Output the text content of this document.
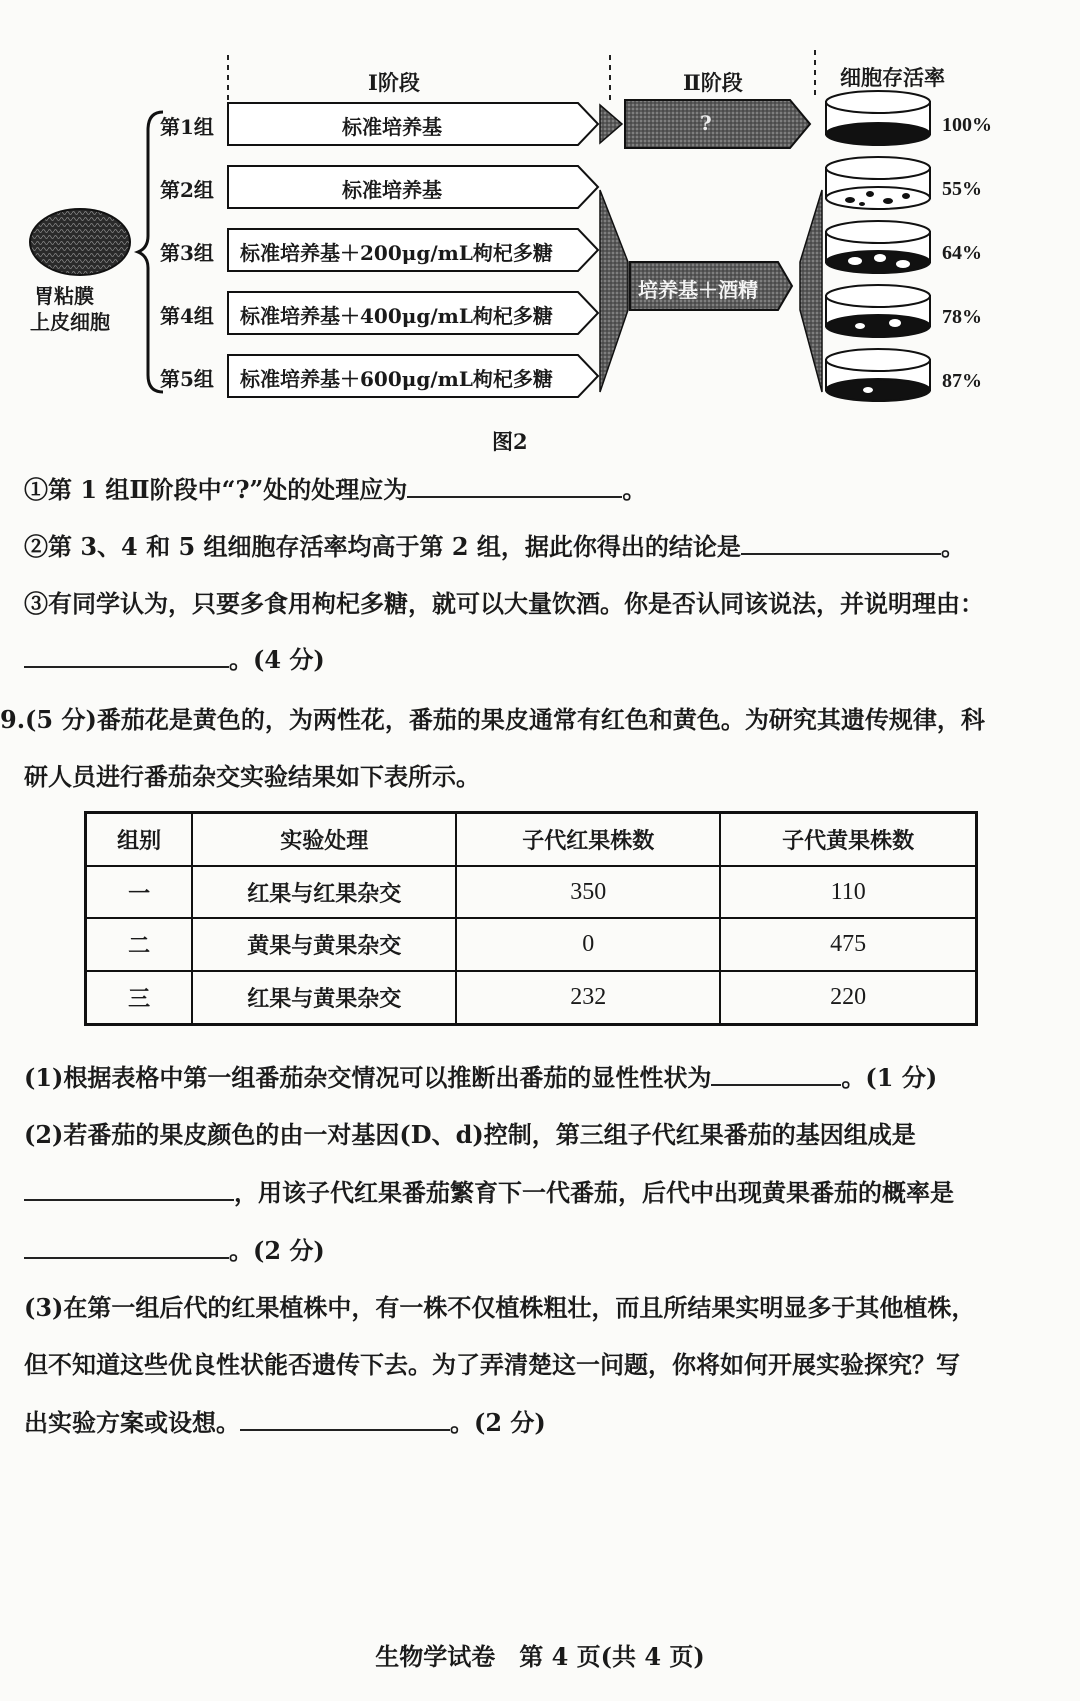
Ⅰ阶段	Ⅱ阶段	细胞存活率
胃粘膜
上皮细胞
第1组
第2组
第3组
第4组
第5组
标准培养基
标准培养基
标准培养基＋200μg/mL枸杞多糖
标准培养基＋400μg/mL枸杞多糖
标准培养基＋600μg/mL枸杞多糖
?
培养基＋酒精
100%
55%
64%
78%
87%
图2
①第 1 组Ⅱ阶段中“?”处的处理应为	。
②第 3、4 和 5 组细胞存活率均高于第 2 组，据此你得出的结论是	。
③有同学认为，只要多食用枸杞多糖，就可以大量饮酒。你是否认同该说法，并说明理由：
。(4 分)
9.(5 分)番茄花是黄色的，为两性花，番茄的果皮通常有红色和黄色。为研究其遗传规律，科
研人员进行番茄杂交实验结果如下表所示。
组别	实验处理	子代红果株数	子代黄果株数
一	红果与红果杂交	350	110
二	黄果与黄果杂交	0	475
三	红果与黄果杂交	232	220
(1)根据表格中第一组番茄杂交情况可以推断出番茄的显性性状为	。(1 分)
(2)若番茄的果皮颜色的由一对基因(D、d)控制，第三组子代红果番茄的基因组成是
，用该子代红果番茄繁育下一代番茄，后代中出现黄果番茄的概率是
。(2 分)
(3)在第一组后代的红果植株中，有一株不仅植株粗壮，而且所结果实明显多于其他植株，
但不知道这些优良性状能否遗传下去。为了弄清楚这一问题，你将如何开展实验探究？写
出实验方案或设想。	。(2 分)
生物学试卷　第 4 页(共 4 页)
